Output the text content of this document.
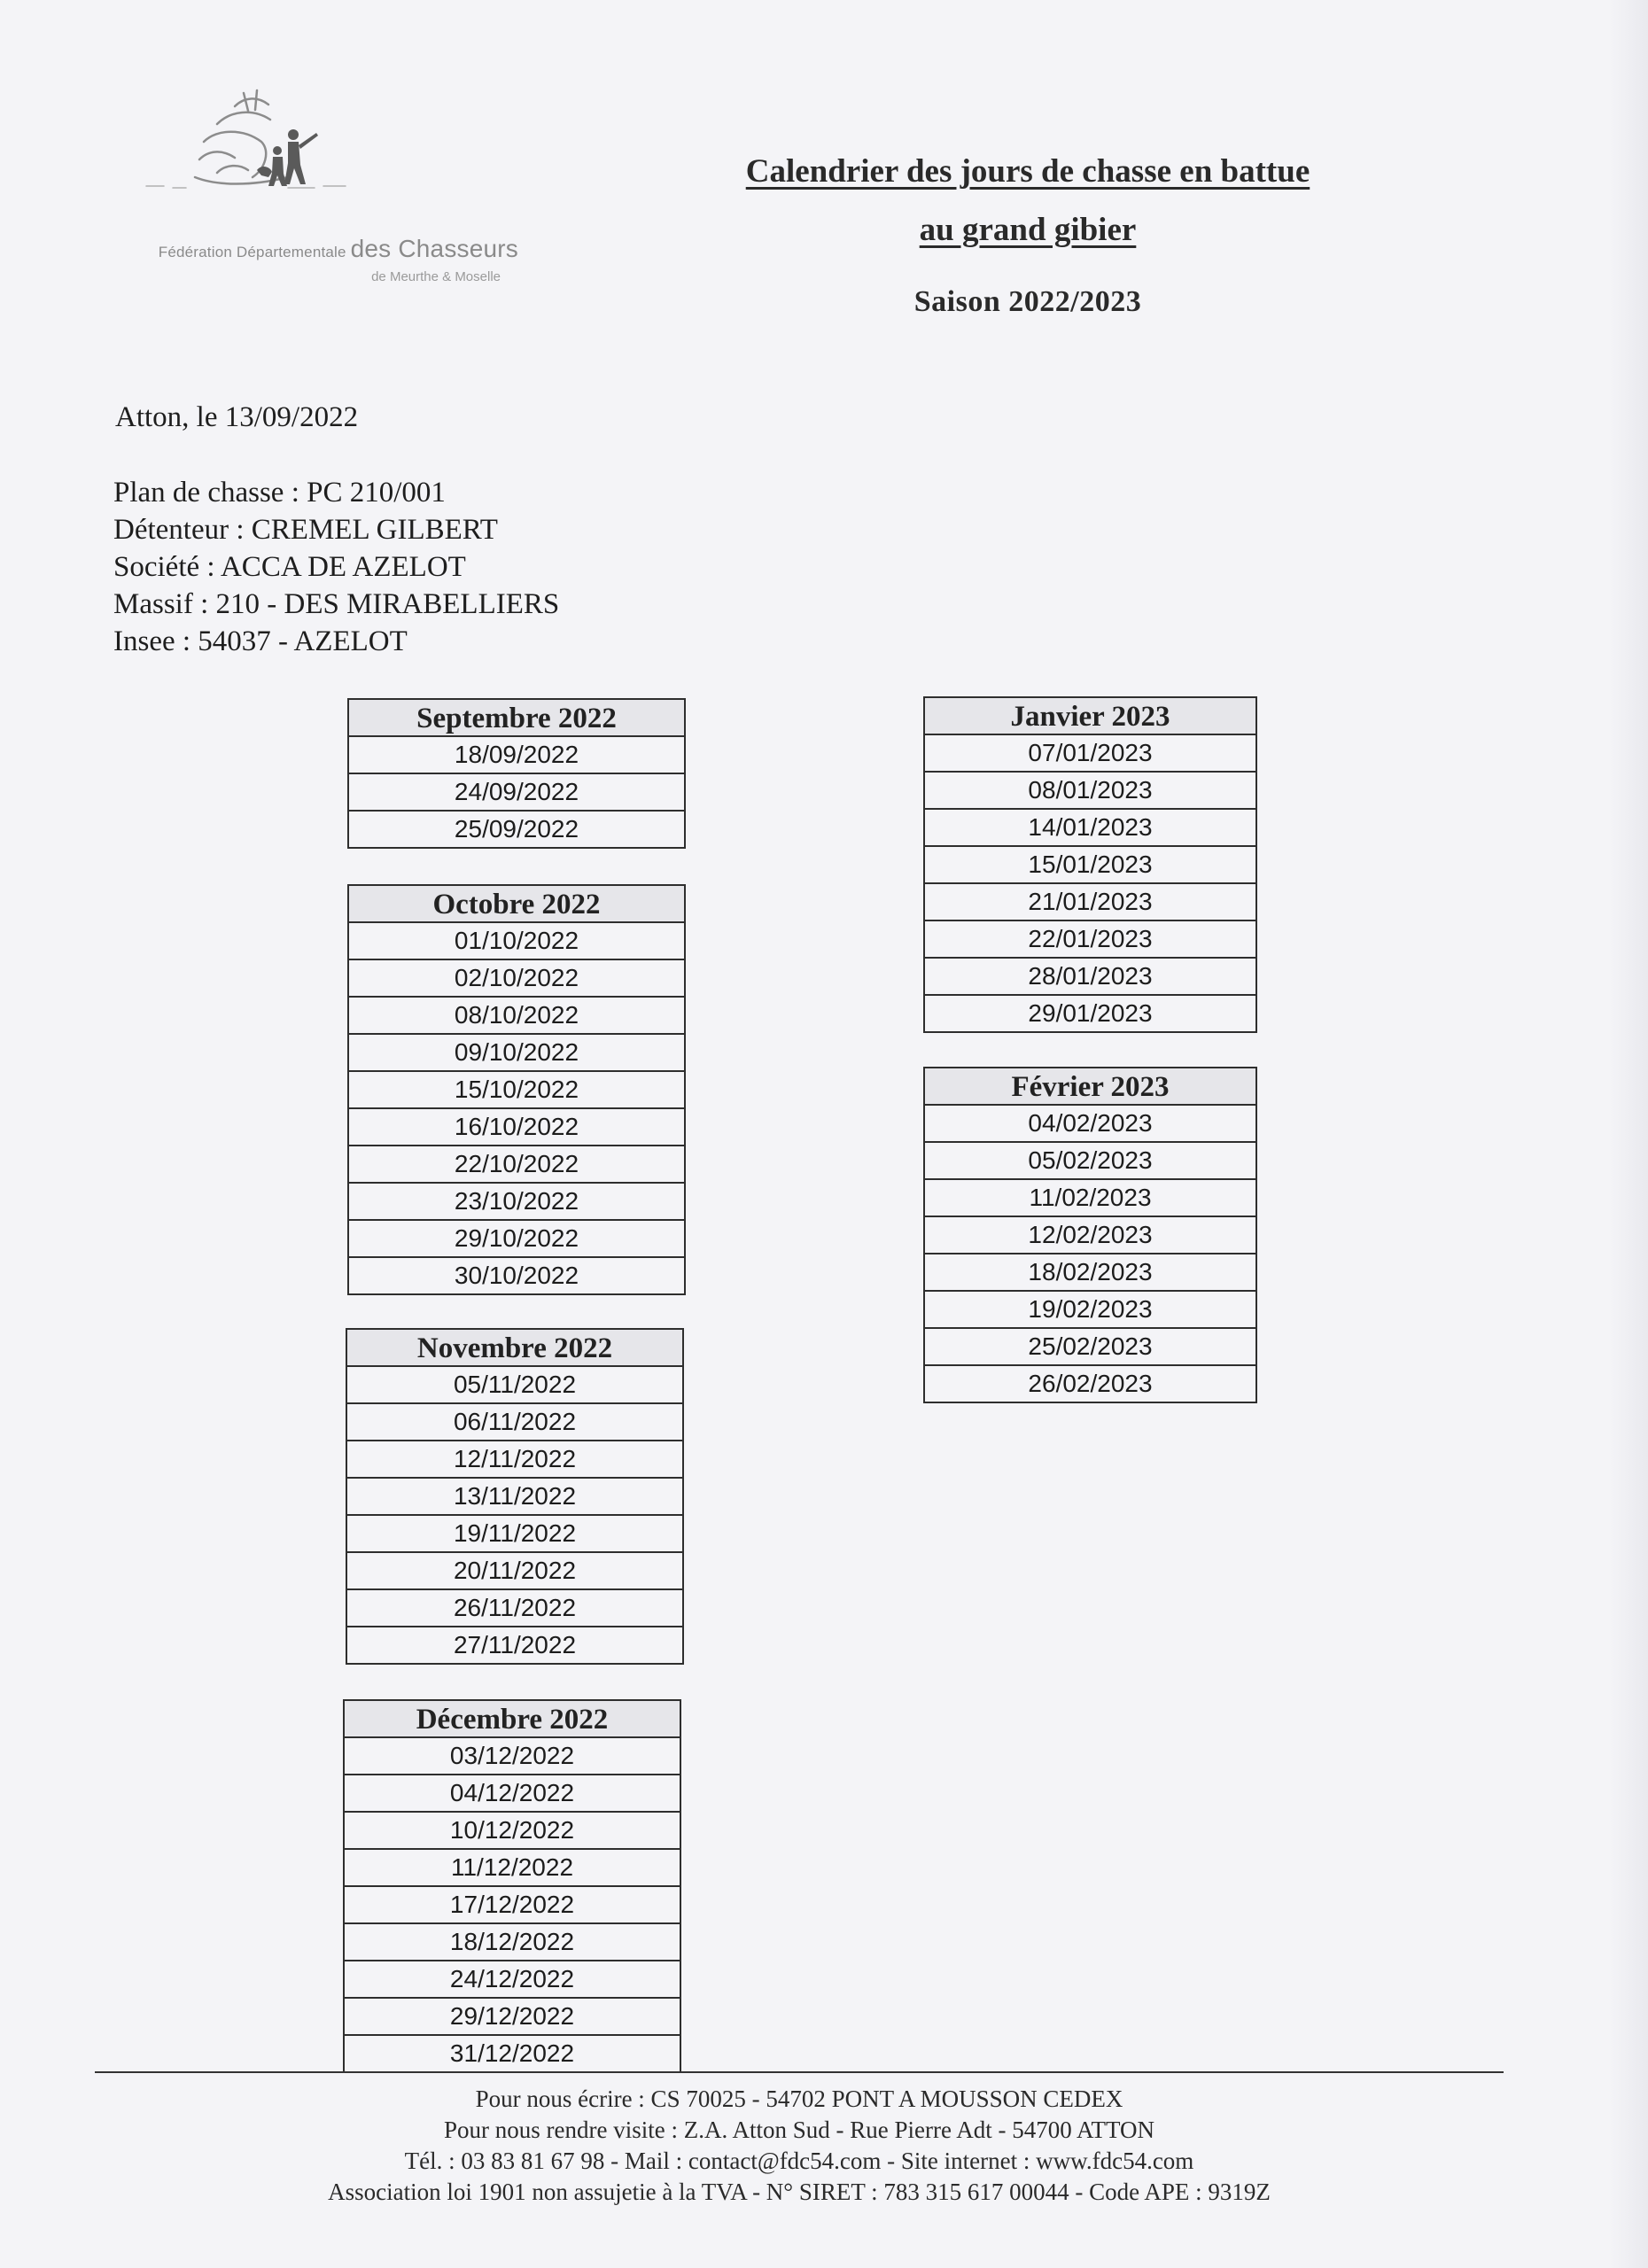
Fédération Départementale des Chasseurs
de Meurthe & Moselle
Calendrier des jours de chasse en battue
au grand gibier
Saison 2022/2023
Atton, le 13/09/2022
Plan de chasse : PC 210/001
Détenteur : CREMEL GILBERT
Société : ACCA DE AZELOT
Massif : 210 - DES MIRABELLIERS
Insee : 54037 - AZELOT
Septembre 2022
18/09/2022
24/09/2022
25/09/2022
Octobre 2022
01/10/2022
02/10/2022
08/10/2022
09/10/2022
15/10/2022
16/10/2022
22/10/2022
23/10/2022
29/10/2022
30/10/2022
Novembre 2022
05/11/2022
06/11/2022
12/11/2022
13/11/2022
19/11/2022
20/11/2022
26/11/2022
27/11/2022
Décembre 2022
03/12/2022
04/12/2022
10/12/2022
11/12/2022
17/12/2022
18/12/2022
24/12/2022
29/12/2022
31/12/2022
Janvier 2023
07/01/2023
08/01/2023
14/01/2023
15/01/2023
21/01/2023
22/01/2023
28/01/2023
29/01/2023
Février 2023
04/02/2023
05/02/2023
11/02/2023
12/02/2023
18/02/2023
19/02/2023
25/02/2023
26/02/2023
Pour nous écrire : CS 70025 - 54702 PONT A MOUSSON CEDEX
Pour nous rendre visite : Z.A. Atton Sud - Rue Pierre Adt - 54700 ATTON
Tél. : 03 83 81 67 98 - Mail : contact@fdc54.com - Site internet : www.fdc54.com
Association loi 1901 non assujetie à la TVA - N° SIRET : 783 315 617 00044 - Code APE : 9319Z
